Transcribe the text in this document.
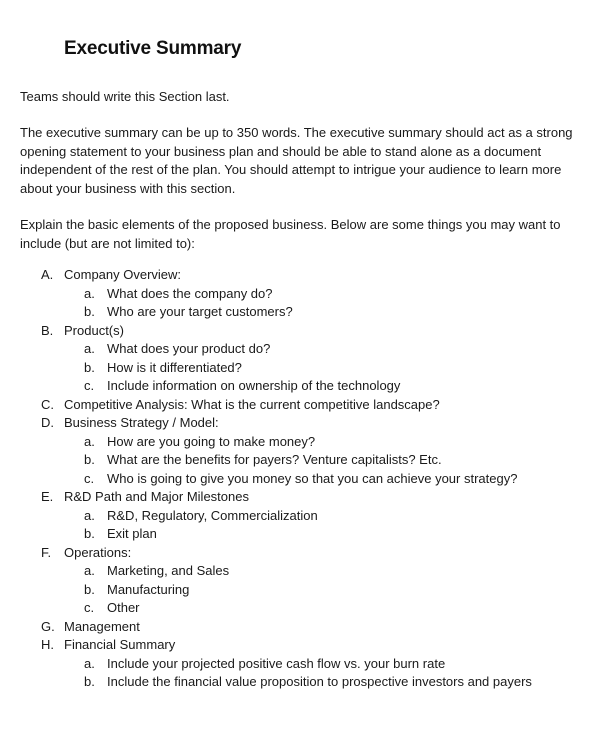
Executive Summary
Teams should write this Section last.
The executive summary can be up to 350 words. The executive summary should act as a strong opening statement to your business plan and should be able to stand alone as a document independent of the rest of the plan. You should attempt to intrigue your audience to learn more about your business with this section.
Explain the basic elements of the proposed business. Below are some things you may want to include (but are not limited to):
A. Company Overview:
a. What does the company do?
b. Who are your target customers?
B. Product(s)
a. What does your product do?
b. How is it differentiated?
c. Include information on ownership of the technology
C. Competitive Analysis: What is the current competitive landscape?
D. Business Strategy / Model:
a. How are you going to make money?
b. What are the benefits for payers? Venture capitalists? Etc.
c. Who is going to give you money so that you can achieve your strategy?
E. R&D Path and Major Milestones
a. R&D, Regulatory, Commercialization
b. Exit plan
F. Operations:
a. Marketing, and Sales
b. Manufacturing
c. Other
G. Management
H. Financial Summary
a. Include your projected positive cash flow vs. your burn rate
b. Include the financial value proposition to prospective investors and payers
